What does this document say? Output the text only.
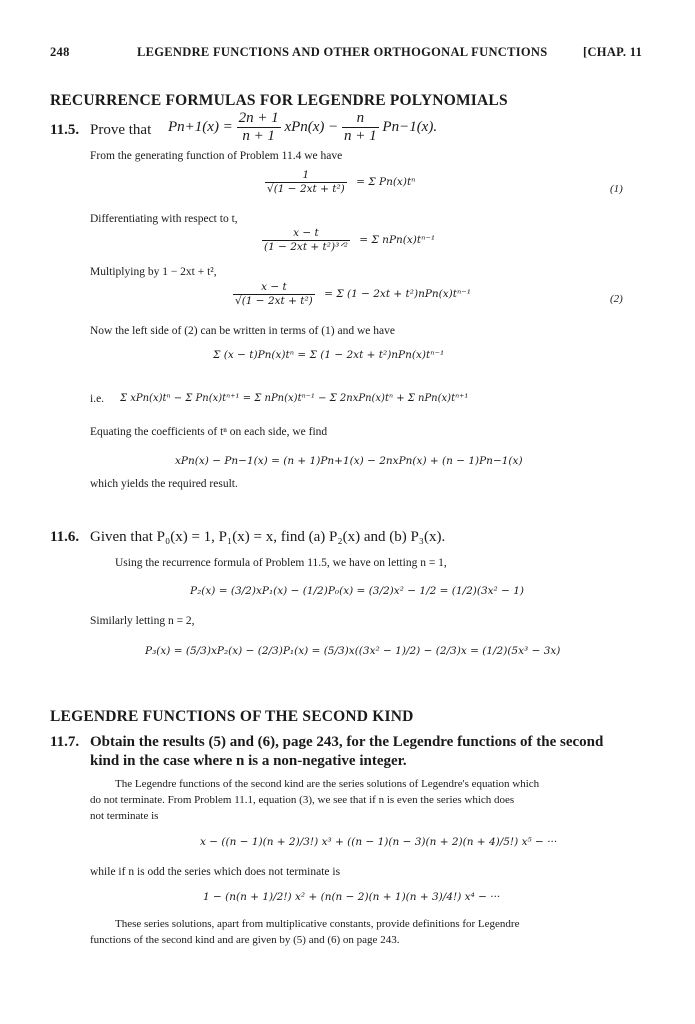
248	LEGENDRE FUNCTIONS AND OTHER ORTHOGONAL FUNCTIONS	[CHAP. 11
RECURRENCE FORMULAS FOR LEGENDRE POLYNOMIALS
11.5. Prove that $Pn+1(x) = \frac{2n + 1}{n + 1} xPn(x) - \frac{n}{n + 1} Pn-1(x)$.
From the generating function of Problem 11.4 we have
$\frac{1}{\text{√(1 − 2xt + t²)}} = \Sigma$ Pn(x)tⁿ
(1)
Differentiating with respect to t,
$\frac{x - t}{\text{(1 − 2xt + t²)³ᐟ²}} = \Sigma$ nPn(x)tⁿ⁻¹
Multiplying by 1 − 2xt + t²,
$\frac{x - t}{\text{√(1 − 2xt + t²)}} = \Sigma$ (1 − 2xt + t²)nPn(x)tⁿ⁻¹	(2)
Now the left side of (2) can be written in terms of (1) and we have
Σ (x − t)Pn(x)tⁿ = Σ (1 − 2xt + t²)nPn(x)tⁿ⁻¹
i.e. Σ xPn(x)tⁿ − Σ Pn(x)tⁿ⁺¹ = Σ nPn(x)tⁿ⁻¹ − Σ 2nxPn(x)tⁿ + Σ nPn(x)tⁿ⁺¹
Equating the coefficients of tⁿ on each side, we find
xPn(x) − Pn−1(x) = (n + 1)Pn+1(x) − 2nxPn(x) + (n − 1)Pn−1(x)
which yields the required result.
11.6. Given that P₀(x) = 1, P₁(x) = x, find (a) P₂(x) and (b) P₃(x).
Using the recurrence formula of Problem 11.5, we have on letting n = 1,
P₂(x) = (3/2)xP₁(x) − (1/2)P₀(x) = (3/2)x² − 1/2 = (1/2)(3x² − 1)
Similarly letting n = 2,
P₃(x) = (5/3)xP₂(x) − (2/3)P₁(x) = (5/3)x((3x² − 1)/2) − (2/3)x = (1/2)(5x³ − 3x)
LEGENDRE FUNCTIONS OF THE SECOND KIND
11.7. Obtain the results (5) and (6), page 243, for the Legendre functions of the second
kind in the case where n is a non-negative integer.
The Legendre functions of the second kind are the series solutions of Legendre's equation which
do not terminate. From Problem 11.1, equation (3), we see that if n is even the series which does
not terminate is
x − ((n − 1)(n + 2)/3!) x³ + ((n − 1)(n − 3)(n + 2)(n + 4)/5!) x⁵ − ···
while if n is odd the series which does not terminate is
1 − (n(n + 1)/2!) x² + (n(n − 2)(n + 1)(n + 3)/4!) x⁴ − ···
These series solutions, apart from multiplicative constants, provide definitions for Legendre
functions of the second kind and are given by (5) and (6) on page 243.
